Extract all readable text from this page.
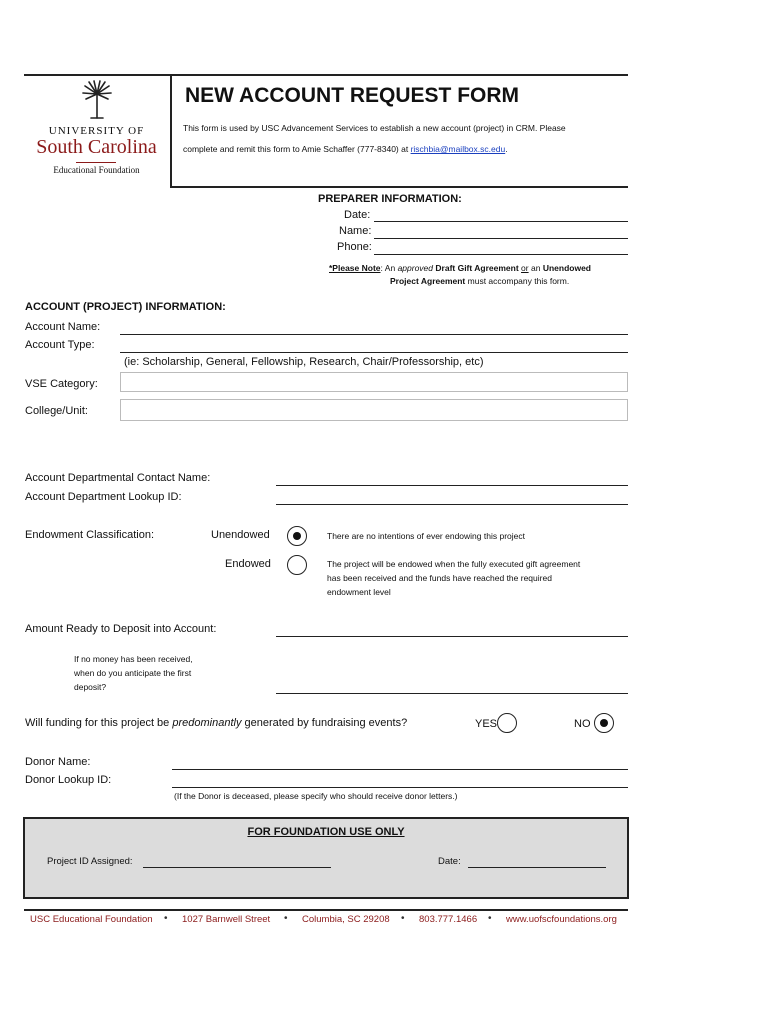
UNIVERSITY OF
South Carolina
Educational Foundation
NEW ACCOUNT REQUEST FORM
This form is used by USC Advancement Services to establish a new account (project) in CRM. Please
complete and remit this form to Amie Schaffer (777-8340) at rischbia@mailbox.sc.edu.
PREPARER INFORMATION:
Date:
Name:
Phone:
*Please Note: An approved Draft Gift Agreement or an Unendowed
Project Agreement must accompany this form.
ACCOUNT (PROJECT) INFORMATION:
Account Name:
Account Type:
(ie: Scholarship, General, Fellowship, Research, Chair/Professorship, etc)
VSE Category:
College/Unit:
Account Departmental Contact Name:
Account Department Lookup ID:
Endowment Classification:	Unendowed	There are no intentions of ever endowing this project
Endowed	The project will be endowed when the fully executed gift agreement
has been received and the funds have reached the required
endowment level
Amount Ready to Deposit into Account:
If no money has been received,
when do you anticipate the first
deposit?
Will funding for this project be predominantly generated by fundraising events?	YES	NO
Donor Name:
Donor Lookup ID:
(If the Donor is deceased, please specify who should receive donor letters.)
FOR FOUNDATION USE ONLY
Project ID Assigned:	Date:
USC Educational Foundation • 1027 Barnwell Street • Columbia, SC 29208 • 803.777.1466 • www.uofscfoundations.org
